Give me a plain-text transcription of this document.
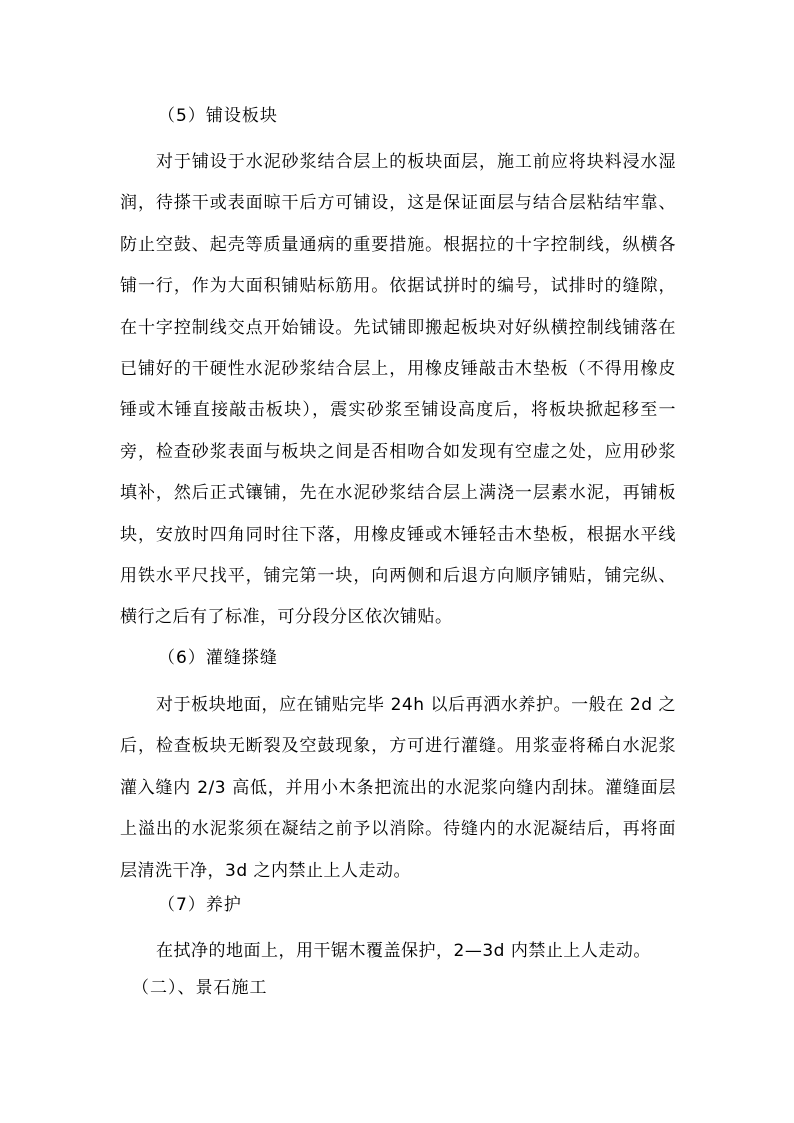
（5）铺设板块

对于铺设于水泥砂浆结合层上的板块面层，施工前应将块料浸水湿润，待搽干或表面晾干后方可铺设，这是保证面层与结合层粘结牢靠、防止空鼓、起壳等质量通病的重要措施。根据拉的十字控制线，纵横各铺一行，作为大面积铺贴标筋用。依据试拼时的编号，试排时的缝隙，在十字控制线交点开始铺设。先试铺即搬起板块对好纵横控制线铺落在已铺好的干硬性水泥砂浆结合层上，用橡皮锤敲击木垫板（不得用橡皮锤或木锤直接敲击板块），震实砂浆至铺设高度后，将板块掀起移至一旁，检查砂浆表面与板块之间是否相吻合如发现有空虚之处，应用砂浆填补，然后正式镶铺，先在水泥砂浆结合层上满浇一层素水泥，再铺板块，安放时四角同时往下落，用橡皮锤或木锤轻击木垫板，根据水平线用铁水平尺找平，铺完第一块，向两侧和后退方向顺序铺贴，铺完纵、横行之后有了标准，可分段分区依次铺贴。

（6）灌缝搽缝

对于板块地面，应在铺贴完毕 24h 以后再洒水养护。一般在 2d 之后，检查板块无断裂及空鼓现象，方可进行灌缝。用浆壶将稀白水泥浆灌入缝内 2/3 高低，并用小木条把流出的水泥浆向缝内刮抹。灌缝面层上溢出的水泥浆须在凝结之前予以消除。待缝内的水泥凝结后，再将面层清洗干净，3d 之内禁止上人走动。

（7）养护

在拭净的地面上，用干锯木覆盖保护，2—3d 内禁止上人走动。

（二）、景石施工
